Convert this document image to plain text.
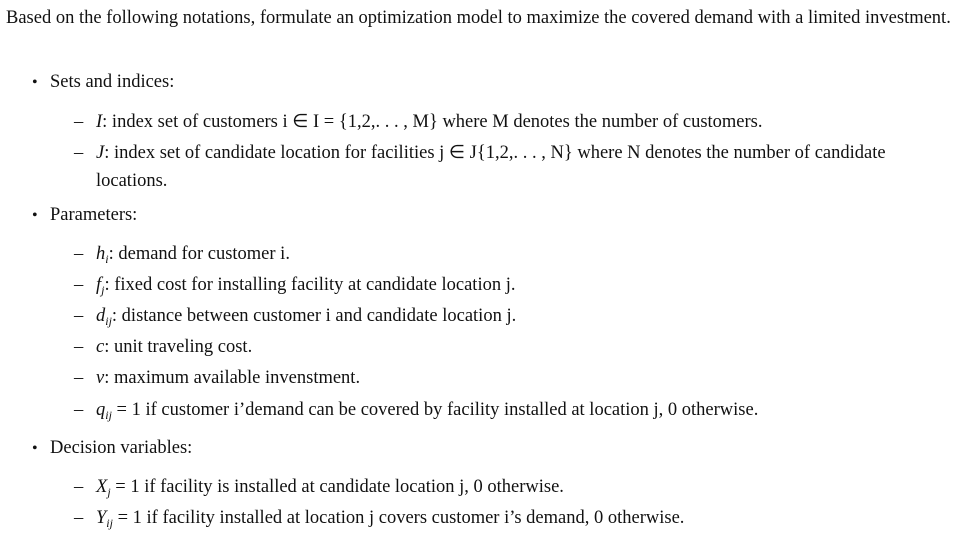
Based on the following notations, formulate an optimization model to maximize the covered demand with a limited investment.
• Sets and indices:
– I: index set of customers i ∈ I = {1,2,. . . , M} where M denotes the number of customers.
– J: index set of candidate location for facilities j ∈ J{1,2,. . . , N} where N denotes the number of candidate locations.
• Parameters:
– $h_i$: demand for customer i.
– $f_j$: fixed cost for installing facility at candidate location j.
– $d_{ij}$: distance between customer i and candidate location j.
– c: unit traveling cost.
– v: maximum available invenstment.
– $q_{ij} = 1$ if customer i’demand can be covered by facility installed at location j, 0 otherwise.
• Decision variables:
– $X_j = 1$ if facility is installed at candidate location j, 0 otherwise.
– $Y_{ij} = 1$ if facility installed at location j covers customer i’s demand, 0 otherwise.
